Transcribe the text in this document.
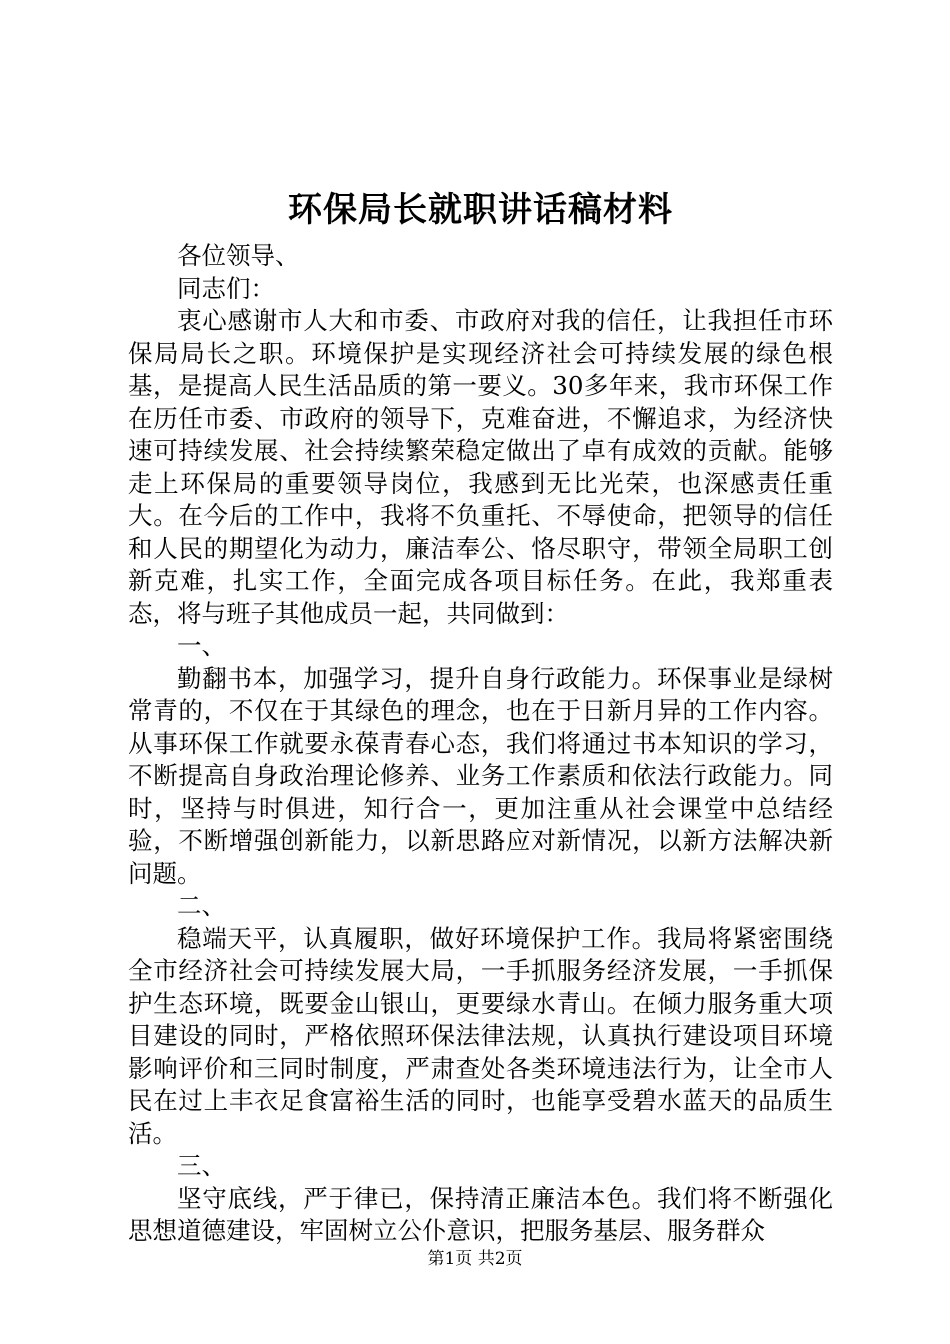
环保局长就职讲话稿材料

各位领导、

同志们：

衷心感谢市人大和市委、市政府对我的信任，让我担任市环保局局长之职。环境保护是实现经济社会可持续发展的绿色根基，是提高人民生活品质的第一要义。30多年来，我市环保工作在历任市委、市政府的领导下，克难奋进，不懈追求，为经济快速可持续发展、社会持续繁荣稳定做出了卓有成效的贡献。能够走上环保局的重要领导岗位，我感到无比光荣，也深感责任重大。在今后的工作中，我将不负重托、不辱使命，把领导的信任和人民的期望化为动力，廉洁奉公、恪尽职守，带领全局职工创新克难，扎实工作，全面完成各项目标任务。在此，我郑重表态，将与班子其他成员一起，共同做到：

一、

勤翻书本，加强学习，提升自身行政能力。环保事业是绿树常青的，不仅在于其绿色的理念，也在于日新月异的工作内容。从事环保工作就要永葆青春心态，我们将通过书本知识的学习，不断提高自身政治理论修养、业务工作素质和依法行政能力。同时，坚持与时俱进，知行合一，更加注重从社会课堂中总结经验，不断增强创新能力，以新思路应对新情况，以新方法解决新问题。

二、

稳端天平，认真履职，做好环境保护工作。我局将紧密围绕全市经济社会可持续发展大局，一手抓服务经济发展，一手抓保护生态环境，既要金山银山，更要绿水青山。在倾力服务重大项目建设的同时，严格依照环保法律法规，认真执行建设项目环境影响评价和三同时制度，严肃查处各类环境违法行为，让全市人民在过上丰衣足食富裕生活的同时，也能享受碧水蓝天的品质生活。

三、

坚守底线，严于律已，保持清正廉洁本色。我们将不断强化思想道德建设，牢固树立公仆意识，把服务基层、服务群众

第1页 共2页
